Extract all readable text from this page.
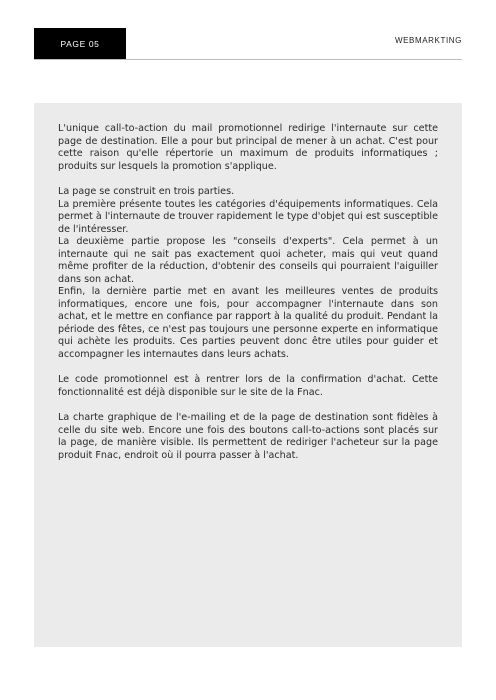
PAGE 05	WEBMARKTING

L'unique call-to-action du mail promotionnel redirige l'internaute sur cette page de destination. Elle a pour but principal de mener à un achat. C'est pour cette raison qu'elle répertorie un maximum de produits informatiques ; produits sur lesquels la promotion s'applique.

La page se construit en trois parties.
La première présente toutes les catégories d'équipements informatiques. Cela permet à l'internaute de trouver rapidement le type d'objet qui est susceptible de l'intéresser.
La deuxième partie propose les "conseils d'experts". Cela permet à un internaute qui ne sait pas exactement quoi acheter, mais qui veut quand même profiter de la réduction, d'obtenir des conseils qui pourraient l'aiguiller dans son achat.
Enfin, la dernière partie met en avant les meilleures ventes de produits informatiques, encore une fois, pour accompagner l'internaute dans son achat, et le mettre en confiance par rapport à la qualité du produit. Pendant la période des fêtes, ce n'est pas toujours une personne experte en informatique qui achète les produits. Ces parties peuvent donc être utiles pour guider et accompagner les internautes dans leurs achats.

Le code promotionnel est à rentrer lors de la confirmation d'achat. Cette fonctionnalité est déjà disponible sur le site de la Fnac.

La charte graphique de l'e-mailing et de la page de destination sont fidèles à celle du site web. Encore une fois des boutons call-to-actions sont placés sur la page, de manière visible. Ils permettent de rediriger l'acheteur sur la page produit Fnac, endroit où il pourra passer à l'achat.
